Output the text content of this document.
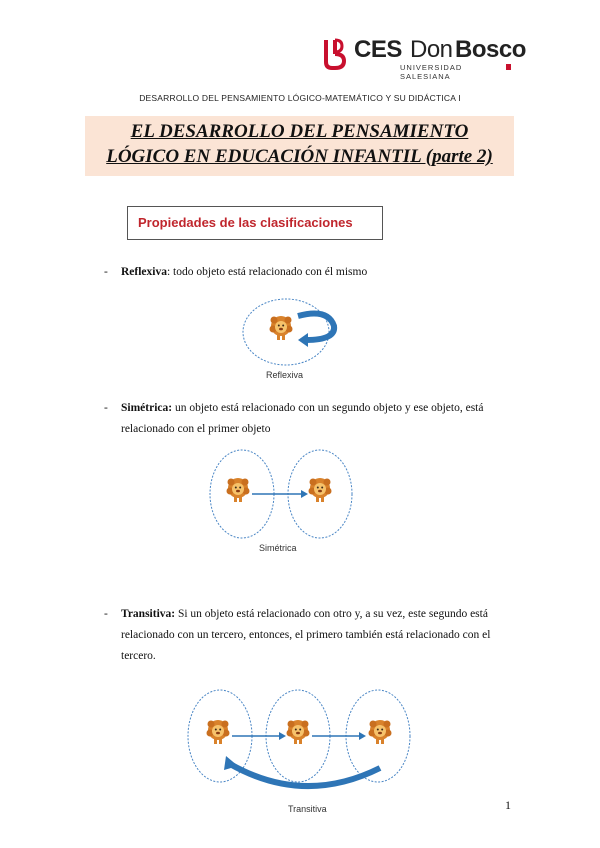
CES Don Bosco
UNIVERSIDAD SALESIANA
DESARROLLO DEL PENSAMIENTO LÓGICO-MATEMÁTICO Y SU DIDÁCTICA I
EL DESARROLLO DEL PENSAMIENTO
LÓGICO EN EDUCACIÓN INFANTIL (parte 2)
Propiedades de las clasificaciones
- Reflexiva: todo objeto está relacionado con él mismo
Reflexiva
- Simétrica: un objeto está relacionado con un segundo objeto y ese objeto, está
relacionado con el primer objeto
Simétrica
- Transitiva: Si un objeto está relacionado con otro y, a su vez, este segundo está
relacionado con un tercero, entonces, el primero también está relacionado con el
tercero.
Transitiva	1
